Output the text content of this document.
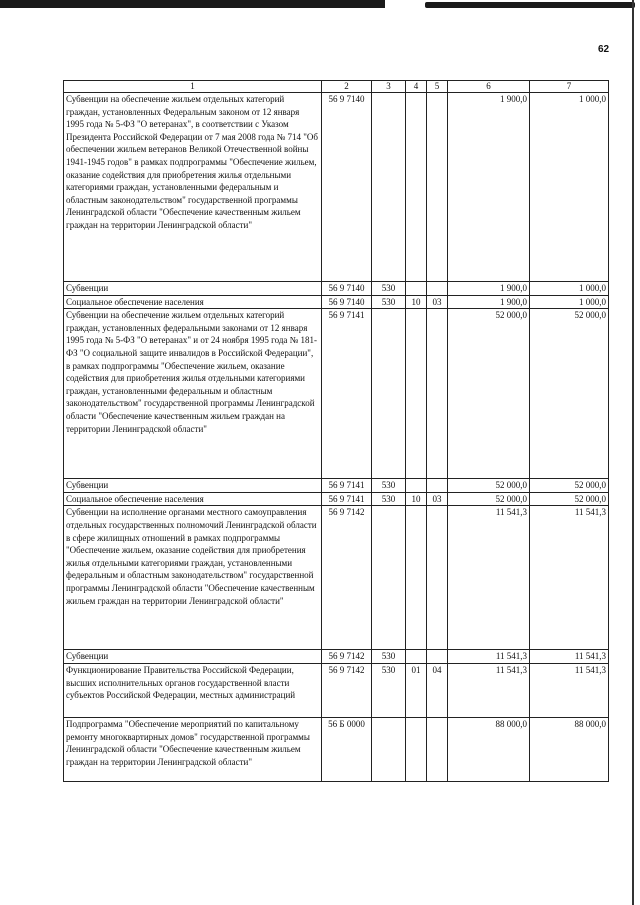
62
1	2	3	4	5	6	7
Субвенции на обеспечение жильем отдельных категорий граждан, установленных Федеральным законом от 12 января 1995 года № 5-ФЗ "О ветеранах", в соответствии с Указом Президента Российской Федерации от 7 мая 2008 года № 714 "Об обеспечении жильем ветеранов Великой Отечественной войны 1941-1945 годов" в рамках подпрограммы "Обеспечение жильем, оказание содействия для приобретения жилья отдельными категориями граждан, установленными федеральным и областным законодательством" государственной программы Ленинградской области "Обеспечение качественным жильем граждан на территории Ленинградской области"	56 9 7140				1 900,0	1 000,0
Субвенции	56 9 7140	530			1 900,0	1 000,0
Социальное обеспечение населения	56 9 7140	530	10	03	1 900,0	1 000,0
Субвенции на обеспечение жильем отдельных категорий граждан, установленных федеральными законами от 12 января 1995 года № 5-ФЗ "О ветеранах" и от 24 ноября 1995 года № 181-ФЗ "О социальной защите инвалидов в Российской Федерации", в рамках подпрограммы "Обеспечение жильем, оказание содействия для приобретения жилья отдельными категориями граждан, установленными федеральным и областным законодательством" государственной программы Ленинградской области "Обеспечение качественным жильем граждан на территории Ленинградской области"	56 9 7141				52 000,0	52 000,0
Субвенции	56 9 7141	530			52 000,0	52 000,0
Социальное обеспечение населения	56 9 7141	530	10	03	52 000,0	52 000,0
Субвенции на исполнение органами местного самоуправления отдельных государственных полномочий Ленинградской области в сфере жилищных отношений в рамках подпрограммы "Обеспечение жильем, оказание содействия для приобретения жилья отдельными категориями граждан, установленными федеральным и областным законодательством" государственной программы Ленинградской области "Обеспечение качественным жильем граждан на территории Ленинградской области"	56 9 7142				11 541,3	11 541,3
Субвенции	56 9 7142	530			11 541,3	11 541,3
Функционирование Правительства Российской Федерации, высших исполнительных органов государственной власти субъектов Российской Федерации, местных администраций	56 9 7142	530	01	04	11 541,3	11 541,3
Подпрограмма "Обеспечение мероприятий по капитальному ремонту многоквартирных домов" государственной программы Ленинградской области "Обеспечение качественным жильем граждан на территории Ленинградской области"	56 Б 0000				88 000,0	88 000,0
